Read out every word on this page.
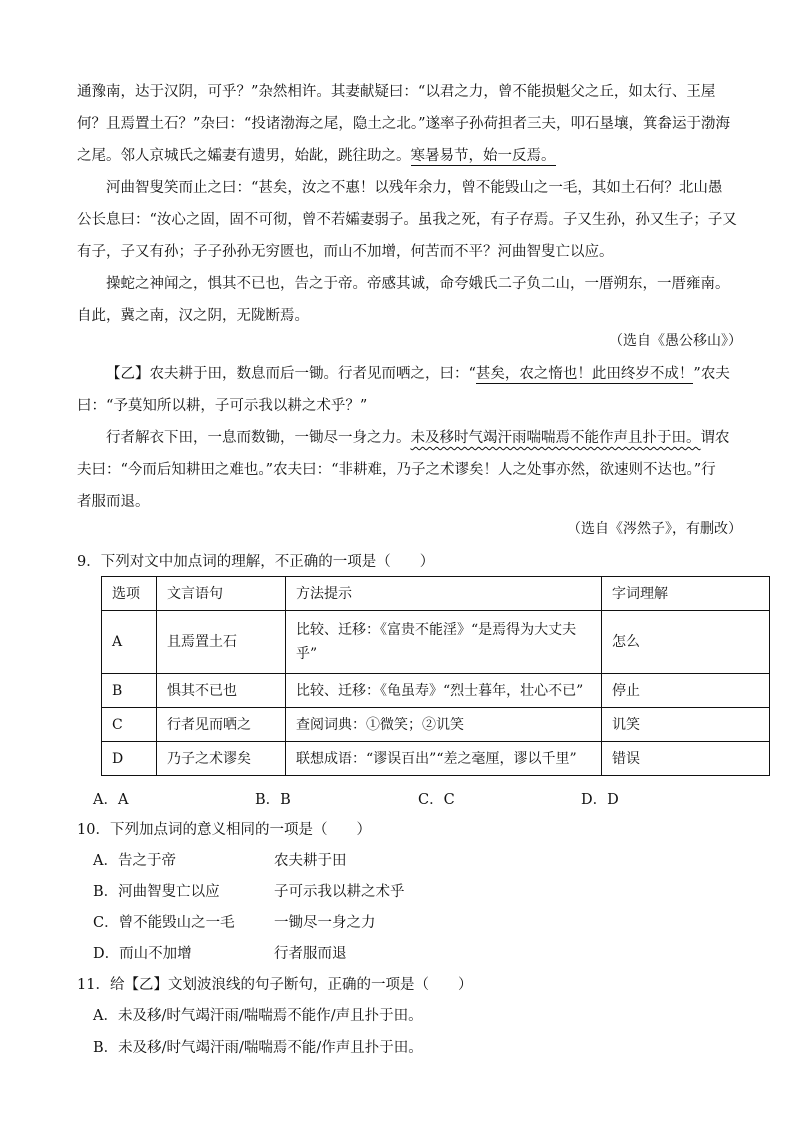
通豫南，达于汉阴，可乎？”杂然相许。其妻献疑曰：“以君之力，曾不能损魁父之丘，如太行、王屋
何？且焉置土石？”杂曰：“投诸渤海之尾，隐土之北。”遂率子孙荷担者三夫，叩石垦壤，箕畚运于渤海
之尾。邻人京城氏之孀妻有遗男，始龀，跳往助之。寒暑易节，始一反焉。
河曲智叟笑而止之曰：“甚矣，汝之不惠！以残年余力，曾不能毁山之一毛，其如土石何？北山愚
公长息曰：“汝心之固，固不可彻，曾不若孀妻弱子。虽我之死，有子存焉。子又生孙，孙又生子；子又
有子，子又有孙；子子孙孙无穷匮也，而山不加增，何苦而不平？河曲智叟亡以应。
操蛇之神闻之，惧其不已也，告之于帝。帝感其诚，命夸娥氏二子负二山，一厝朔东，一厝雍南。
自此，冀之南，汉之阴，无陇断焉。
（选自《愚公移山》）
【乙】农夫耕于田，数息而后一锄。行者见而哂之，曰：“甚矣，农之惰也！此田终岁不成！”农夫
曰：“予莫知所以耕，子可示我以耕之术乎？”
行者解衣下田，一息而数锄，一锄尽一身之力。未及移时气竭汗雨喘喘焉不能作声且扑于田。谓农
夫曰：“今而后知耕田之难也。”农夫曰：“非耕难，乃子之术谬矣！人之处事亦然，欲速则不达也。”行
者服而退。
（选自《涔然子》，有删改）
9．下列对文中加点词的理解，不正确的一项是（　　）
选项	文言语句	方法提示	字词理解
A	且焉置土石	比较、迁移：《富贵不能淫》“是焉得为大丈夫乎”	怎么
B	惧其不已也	比较、迁移：《龟虽寿》“烈士暮年，壮心不已”	停止
C	行者见而哂之	查阅词典：①微笑；②讥笑	讥笑
D	乃子之术谬矣	联想成语：“谬误百出”“差之毫厘，谬以千里”	错误
A．A	B．B	C．C	D．D
10．下列加点词的意义相同的一项是（　　）
A．告之于帝	农夫耕于田
B．河曲智叟亡以应	子可示我以耕之术乎
C．曾不能毁山之一毛	一锄尽一身之力
D．而山不加增	行者服而退
11．给【乙】文划波浪线的句子断句，正确的一项是（　　）
A．未及移/时气竭汗雨/喘喘焉不能作/声且扑于田。
B．未及移/时气竭汗雨/喘喘焉不能/作声且扑于田。
